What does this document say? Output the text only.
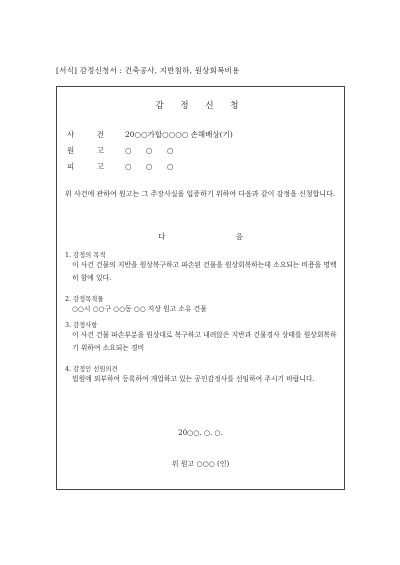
[서식] 감정신청서 : 건축공사, 지반침하, 원상회복비용
감 정 신 청
사 건 20○○가합○○○○ 손해배상(기)
원 고 ○ ○ ○
피 고 ○ ○ ○
위 사건에 관하여 원고는 그 주장사실을 입증하기 위하여 다음과 같이 감정을 신청합니다.
다 음
1. 감정의 목적
이 사건 건물의 지반을 원상복구하고 파손된 건물을 원상회복하는데 소요되는 비용을 명백히 함에 있다.
2. 감정목적물
○○시 ○○구 ○○동 ○○ 지상 원고 소유 건물
3. 감정사항
이 사건 건물 파손부분을 원상대로 복구하고 내려앉은 지반과 건물경사 상태를 원상회복하기 위하여 소요되는 경비
4. 감정인 선임의견
법원에 외부하여 등록하여 개업하고 있는 공인감정사를 선임하여 주시기 바랍니다.
20○○. ○. ○.
위 원고 ○○○ (인)
